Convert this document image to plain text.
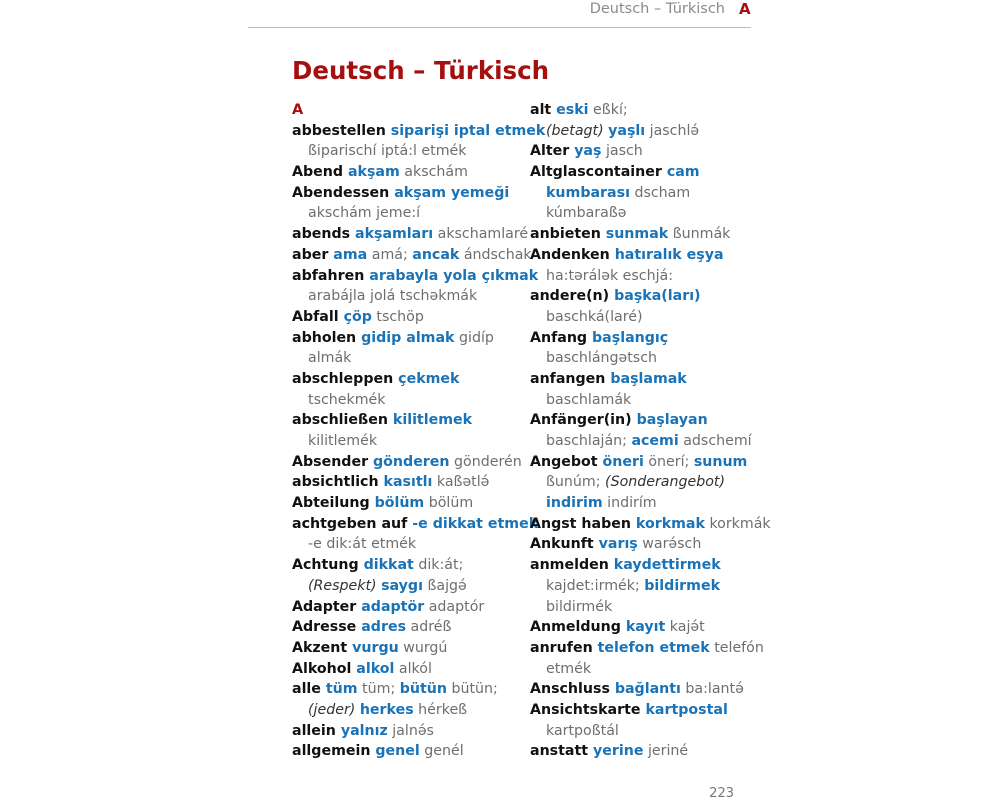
Deutsch – Türkisch A
Deutsch – Türkisch
A
abbestellen siparişi iptal etmek
ßiparischí iptá:l etmék
Abend akşam akschám
Abendessen akşam yemeği
akschám jeme:í
abends akşamları akschamlaré
aber ama amá; ancak ándschak
abfahren arabayla yola çıkmak
arabájla jolá tschəkmák
Abfall çöp tschöp
abholen gidip almak gidíp
almák
abschleppen çekmek
tschekmék
abschließen kilitlemek
kilitlemék
Absender gönderen gönderén
absichtlich kasıtlı kaßətlə́
Abteilung bölüm bölüm
achtgeben auf -e dikkat etmek
-e dik:át etmék
Achtung dikkat dik:át;
(Respekt) saygı ßajgə́
Adapter adaptör adaptór
Adresse adres adréß
Akzent vurgu wurgú
Alkohol alkol alkól
alle tüm tüm; bütün bütün;
(jeder) herkes hérkeß
allein yalnız jalnə́s
allgemein genel genél
alt eski eßkí;
(betagt) yaşlı jaschlə́
Alter yaş jasch
Altglascontainer cam
kumbarası dscham
kúmbaraßə
anbieten sunmak ßunmák
Andenken hatıralık eşya
ha:tərálək eschjá:
andere(n) başka(ları)
baschká(laré)
Anfang başlangıç
baschlángətsch
anfangen başlamak
baschlamák
Anfänger(in) başlayan
baschlaján; acemi adschemí
Angebot öneri önerí; sunum
ßunúm; (Sonderangebot)
indirim indirím
Angst haben korkmak korkmák
Ankunft varış warə́sch
anmelden kaydettirmek
kajdet:irmék; bildirmek
bildirmék
Anmeldung kayıt kajə́t
anrufen telefon etmek telefón
etmék
Anschluss bağlantı ba:lantə́
Ansichtskarte kartpostal
kartpoßtál
anstatt yerine jeriné
223
